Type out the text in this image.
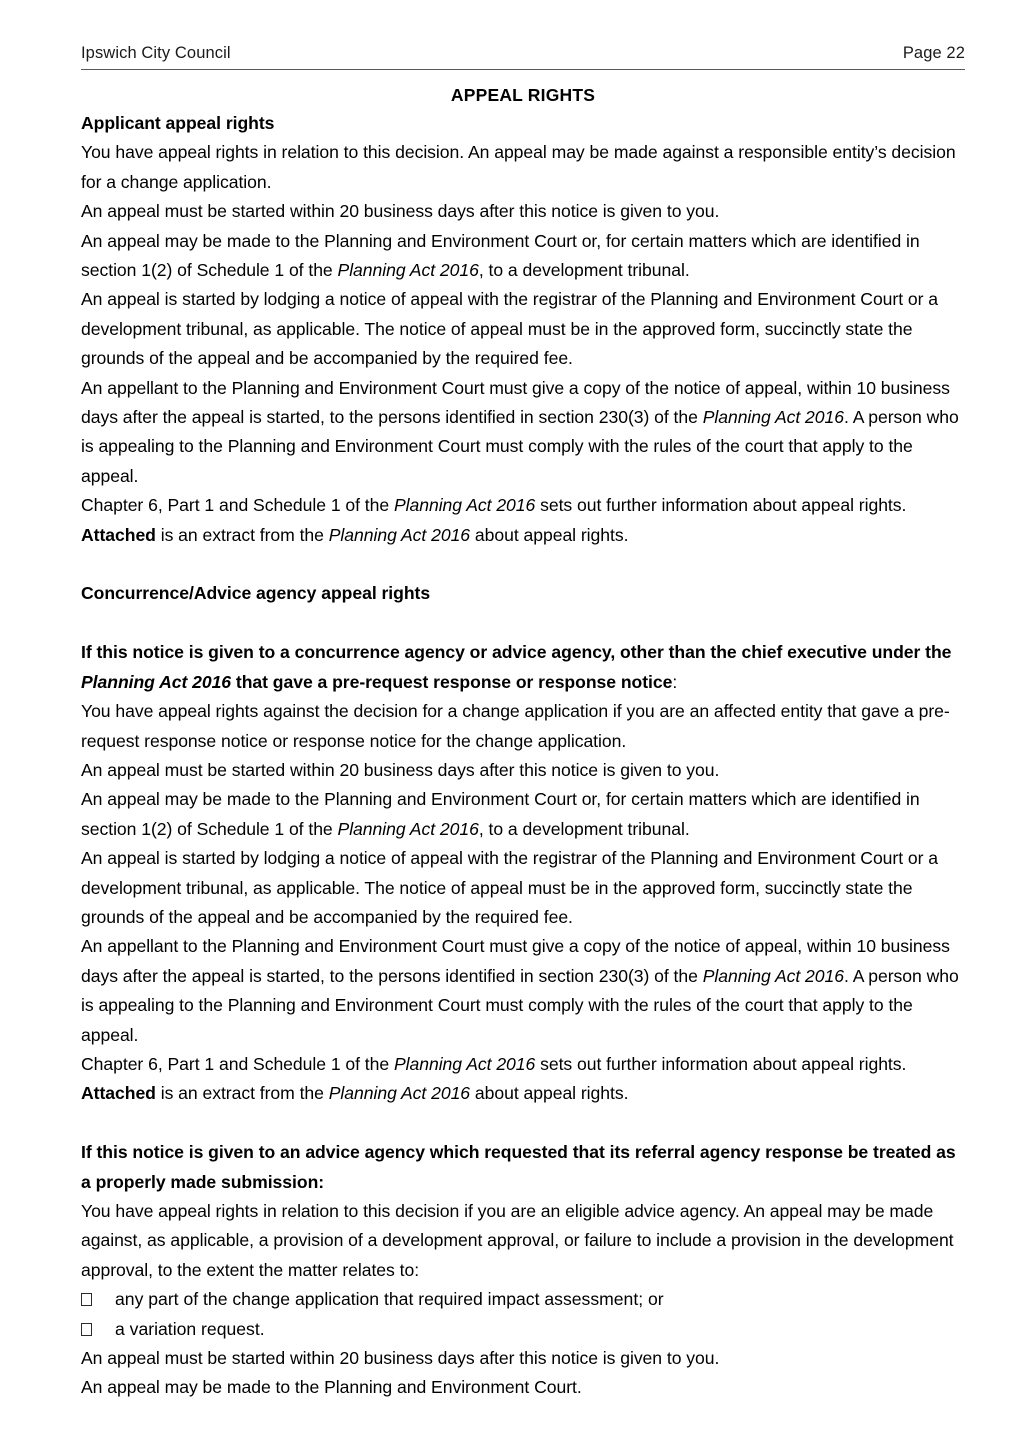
Ipswich City Council	Page 22
APPEAL RIGHTS
Applicant appeal rights
You have appeal rights in relation to this decision. An appeal may be made against a responsible entity’s decision for a change application.
An appeal must be started within 20 business days after this notice is given to you.
An appeal may be made to the Planning and Environment Court or, for certain matters which are identified in section 1(2) of Schedule 1 of the Planning Act 2016, to a development tribunal.
An appeal is started by lodging a notice of appeal with the registrar of the Planning and Environment Court or a development tribunal, as applicable. The notice of appeal must be in the approved form, succinctly state the grounds of the appeal and be accompanied by the required fee.
An appellant to the Planning and Environment Court must give a copy of the notice of appeal, within 10 business days after the appeal is started, to the persons identified in section 230(3) of the Planning Act 2016. A person who is appealing to the Planning and Environment Court must comply with the rules of the court that apply to the appeal.
Chapter 6, Part 1 and Schedule 1 of the Planning Act 2016 sets out further information about appeal rights. Attached is an extract from the Planning Act 2016 about appeal rights.
Concurrence/Advice agency appeal rights
If this notice is given to a concurrence agency or advice agency, other than the chief executive under the Planning Act 2016 that gave a pre-request response or response notice:
You have appeal rights against the decision for a change application if you are an affected entity that gave a pre-request response notice or response notice for the change application.
An appeal must be started within 20 business days after this notice is given to you.
An appeal may be made to the Planning and Environment Court or, for certain matters which are identified in section 1(2) of Schedule 1 of the Planning Act 2016, to a development tribunal.
An appeal is started by lodging a notice of appeal with the registrar of the Planning and Environment Court or a development tribunal, as applicable. The notice of appeal must be in the approved form, succinctly state the grounds of the appeal and be accompanied by the required fee.
An appellant to the Planning and Environment Court must give a copy of the notice of appeal, within 10 business days after the appeal is started, to the persons identified in section 230(3) of the Planning Act 2016. A person who is appealing to the Planning and Environment Court must comply with the rules of the court that apply to the appeal.
Chapter 6, Part 1 and Schedule 1 of the Planning Act 2016 sets out further information about appeal rights. Attached is an extract from the Planning Act 2016 about appeal rights.
If this notice is given to an advice agency which requested that its referral agency response be treated as a properly made submission:
You have appeal rights in relation to this decision if you are an eligible advice agency. An appeal may be made against, as applicable, a provision of a development approval, or failure to include a provision in the development approval, to the extent the matter relates to:
any part of the change application that required impact assessment; or
a variation request.
An appeal must be started within 20 business days after this notice is given to you.
An appeal may be made to the Planning and Environment Court.
